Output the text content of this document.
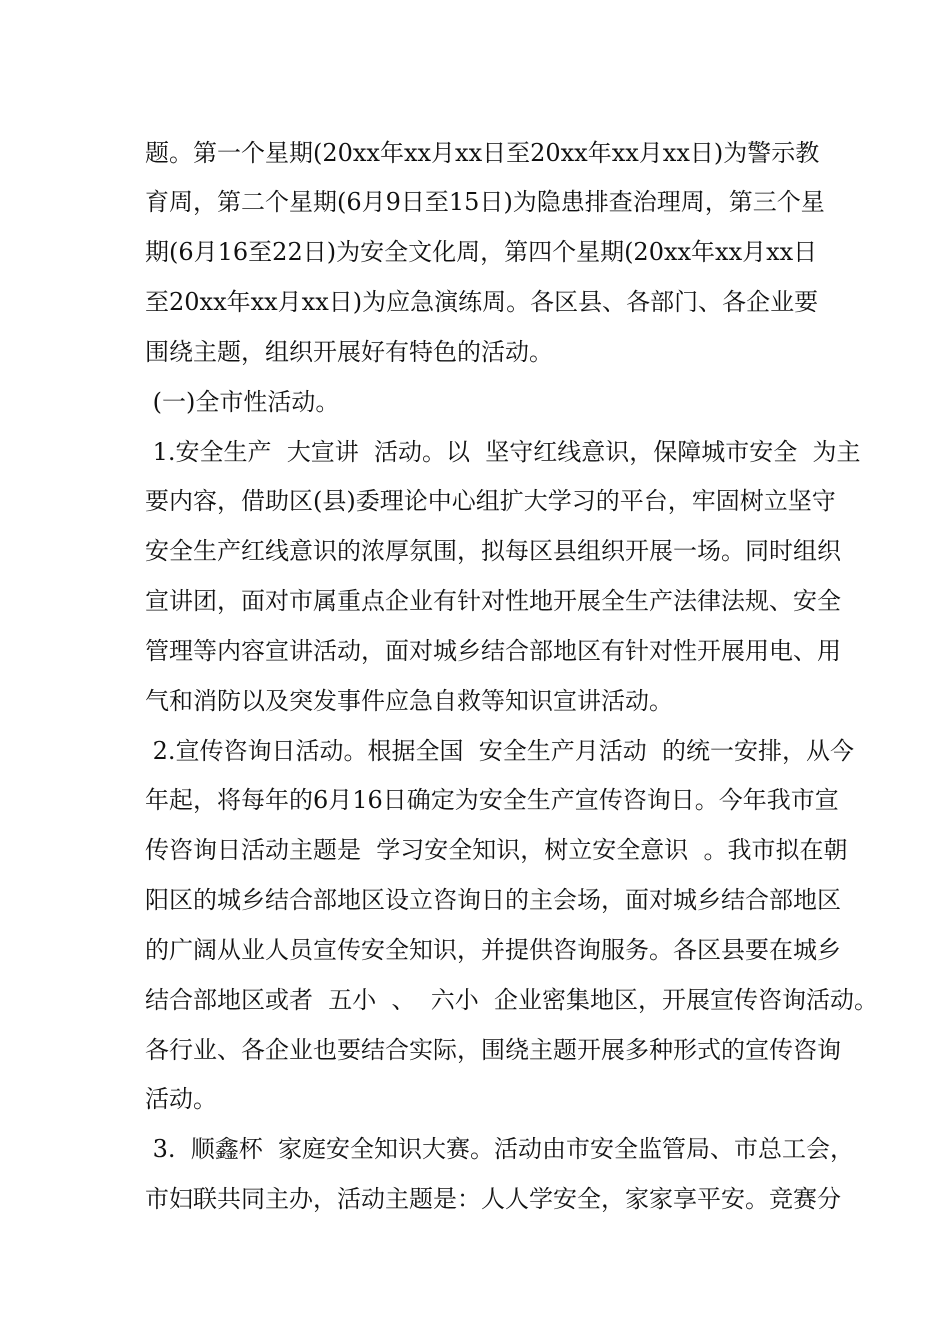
题。第一个星期(20xx年xx月xx日至20xx年xx月xx日)为警示教
育周，第二个星期(6月9日至15日)为隐患排查治理周，第三个星
期(6月16至22日)为安全文化周，第四个星期(20xx年xx月xx日
至20xx年xx月xx日)为应急演练周。各区县、各部门、各企业要
围绕主题，组织开展好有特色的活动。
(一)全市性活动。
1.安全生产  大宣讲  活动。以  坚守红线意识，保障城市安全  为主
要内容，借助区(县)委理论中心组扩大学习的平台，牢固树立坚守
安全生产红线意识的浓厚氛围，拟每区县组织开展一场。同时组织
宣讲团，面对市属重点企业有针对性地开展全生产法律法规、安全
管理等内容宣讲活动，面对城乡结合部地区有针对性开展用电、用
气和消防以及突发事件应急自救等知识宣讲活动。
2.宣传咨询日活动。根据全国  安全生产月活动  的统一安排，从今
年起，将每年的6月16日确定为安全生产宣传咨询日。今年我市宣
传咨询日活动主题是  学习安全知识，树立安全意识  。我市拟在朝
阳区的城乡结合部地区设立咨询日的主会场，面对城乡结合部地区
的广阔从业人员宣传安全知识，并提供咨询服务。各区县要在城乡
结合部地区或者  五小  、  六小  企业密集地区，开展宣传咨询活动。
各行业、各企业也要结合实际，围绕主题开展多种形式的宣传咨询
活动。
3.  顺鑫杯  家庭安全知识大赛。活动由市安全监管局、市总工会，
市妇联共同主办，活动主题是：人人学安全，家家享平安。竞赛分
